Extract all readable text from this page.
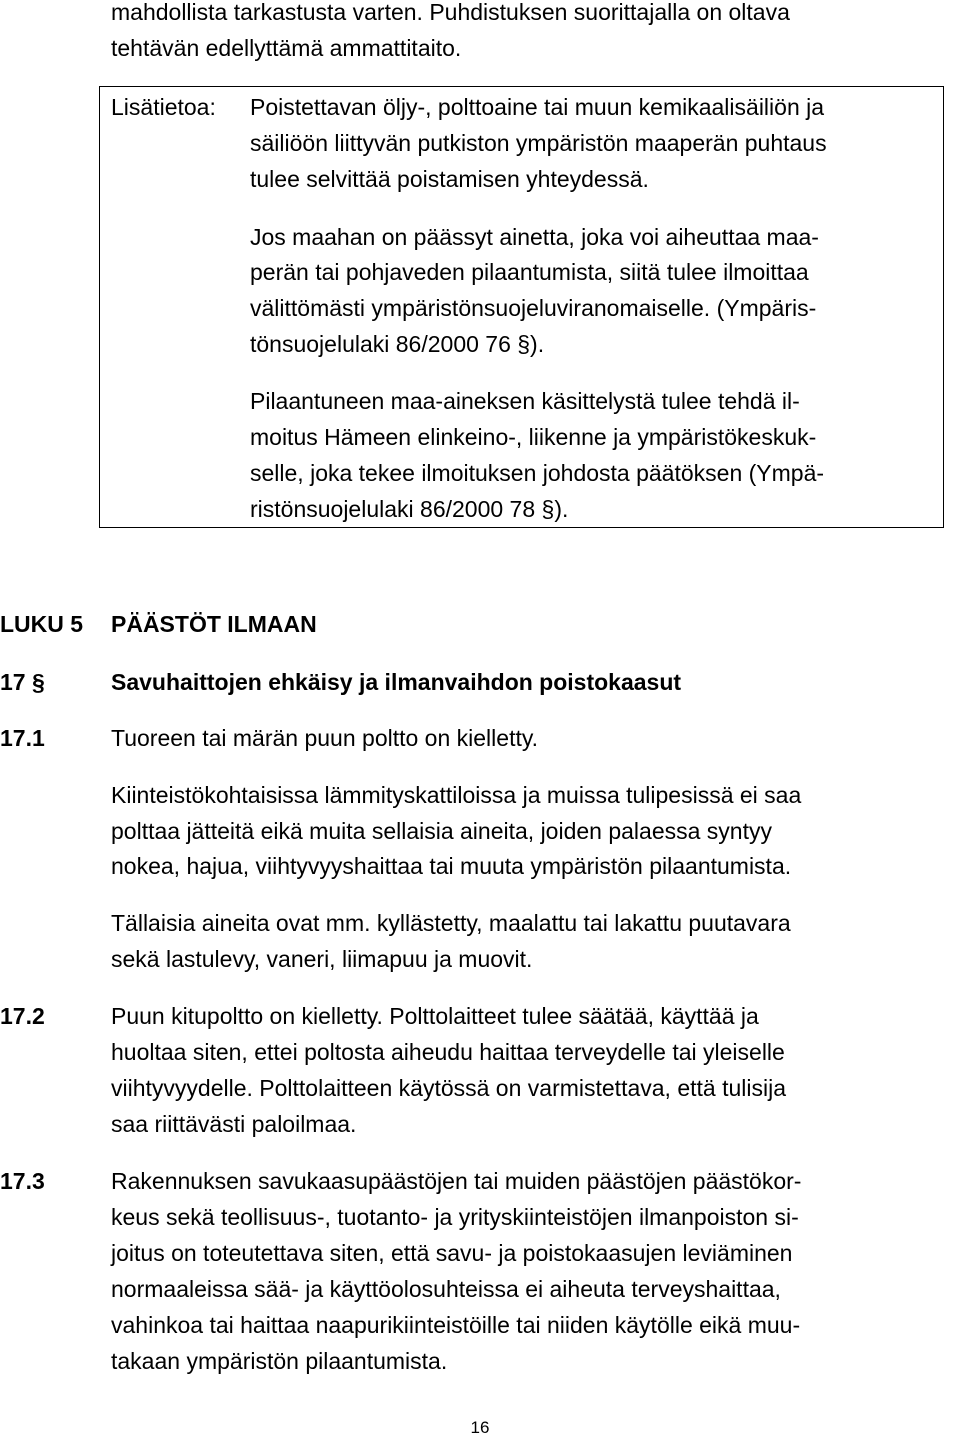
mahdollista tarkastusta varten. Puhdistuksen suorittajalla on oltava
tehtävän edellyttämä ammattitaito.
Lisätietoa: Poistettavan öljy-, polttoaine tai muun kemikaalisäiliön ja
säiliöön liittyvän putkiston ympäristön maaperän puhtaus
tulee selvittää poistamisen yhteydessä.
Jos maahan on päässyt ainetta, joka voi aiheuttaa maa-
perän tai pohjaveden pilaantumista, siitä tulee ilmoittaa
välittömästi ympäristönsuojeluviranomaiselle. (Ympäris-
tönsuojelulaki 86/2000 76 §).
Pilaantuneen maa-aineksen käsittelystä tulee tehdä il-
moitus Hämeen elinkeino-, liikenne ja ympäristökeskuk-
selle, joka tekee ilmoituksen johdosta päätöksen (Ympä-
ristönsuojelulaki 86/2000 78 §).
LUKU 5 PÄÄSTÖT ILMAAN
17 §	Savuhaittojen ehkäisy ja ilmanvaihdon poistokaasut
17.1	Tuoreen tai märän puun poltto on kielletty.
Kiinteistökohtaisissa lämmityskattiloissa ja muissa tulipesissä ei saa
polttaa jätteitä eikä muita sellaisia aineita, joiden palaessa syntyy
nokea, hajua, viihtyvyyshaittaa tai muuta ympäristön pilaantumista.
Tällaisia aineita ovat mm. kyllästetty, maalattu tai lakattu puutavara
sekä lastulevy, vaneri, liimapuu ja muovit.
17.2	Puun kitupoltto on kielletty. Polttolaitteet tulee säätää, käyttää ja
huoltaa siten, ettei poltosta aiheudu haittaa terveydelle tai yleiselle
viihtyvyydelle. Polttolaitteen käytössä on varmistettava, että tulisija
saa riittävästi paloilmaa.
17.3	Rakennuksen savukaasupäästöjen tai muiden päästöjen päästökor-
keus sekä teollisuus-, tuotanto- ja yrityskiinteistöjen ilmanpoiston si-
joitus on toteutettava siten, että savu- ja poistokaasujen leviäminen
normaaleissa sää- ja käyttöolosuhteissa ei aiheuta terveyshaittaa,
vahinkoa tai haittaa naapurikiinteistöille tai niiden käytölle eikä muu-
takaan ympäristön pilaantumista.
16
